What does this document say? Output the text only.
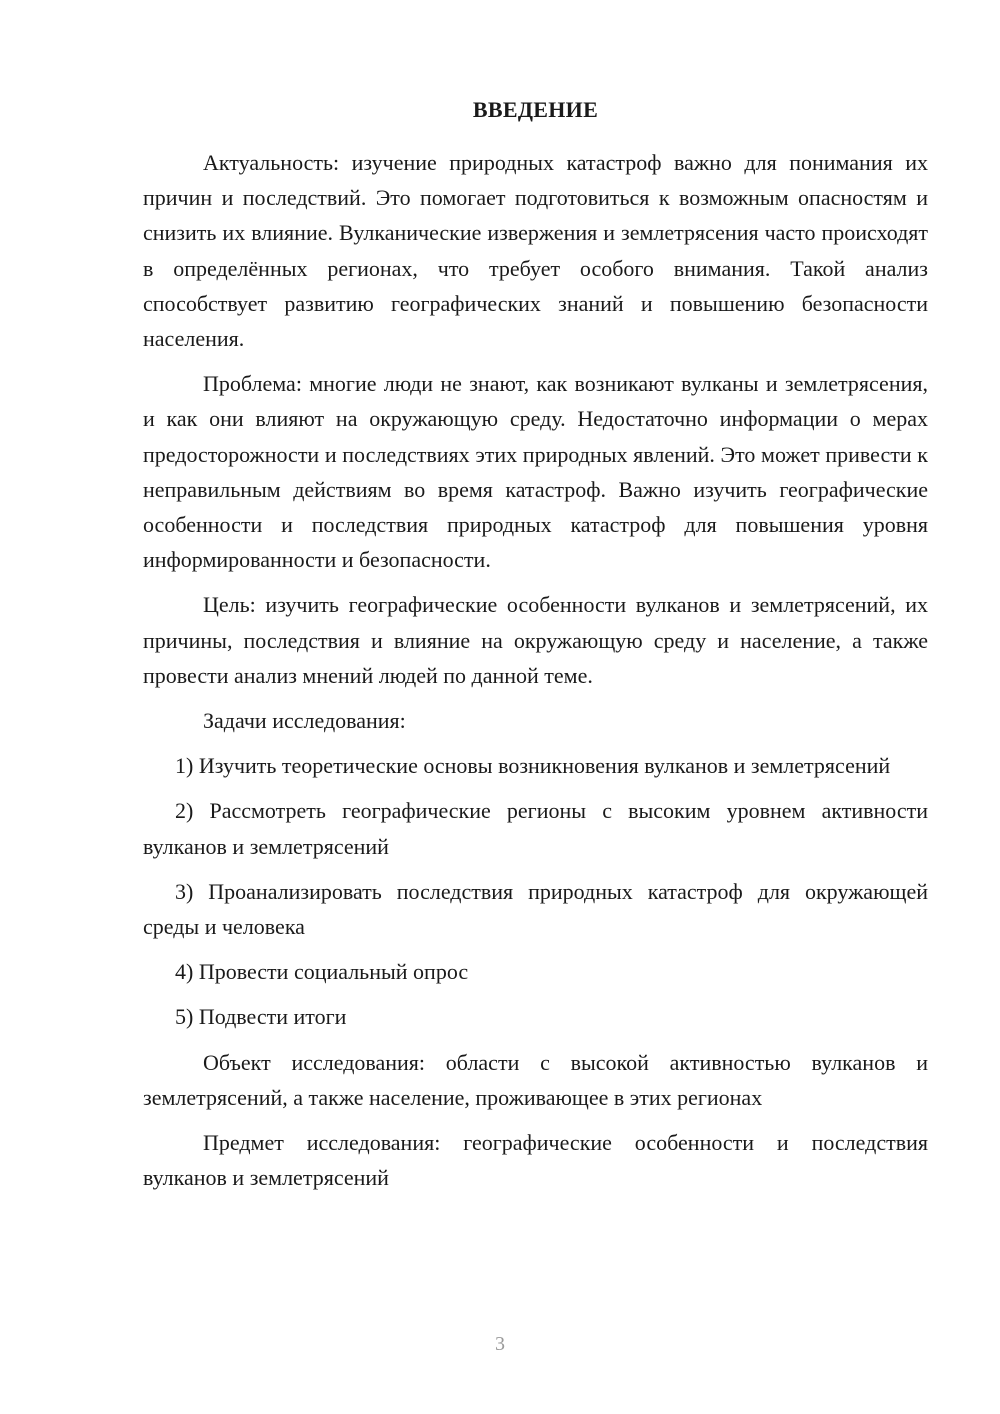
ВВЕДЕНИЕ

Актуальность: изучение природных катастроф важно для понимания их причин и последствий. Это помогает подготовиться к возможным опасностям и снизить их влияние. Вулканические извержения и землетрясения часто происходят в определённых регионах, что требует особого внимания. Такой анализ способствует развитию географических знаний и повышению безопасности населения.

Проблема: многие люди не знают, как возникают вулканы и землетрясения, и как они влияют на окружающую среду. Недостаточно информации о мерах предосторожности и последствиях этих природных явлений. Это может привести к неправильным действиям во время катастроф. Важно изучить географические особенности и последствия природных катастроф для повышения уровня информированности и безопасности.

Цель: изучить географические особенности вулканов и землетрясений, их причины, последствия и влияние на окружающую среду и население, а также провести анализ мнений людей по данной теме.

Задачи исследования:

1) Изучить теоретические основы возникновения вулканов и землетрясений

2) Рассмотреть географические регионы с высоким уровнем активности вулканов и землетрясений

3) Проанализировать последствия природных катастроф для окружающей среды и человека

4) Провести социальный опрос

5) Подвести итоги

Объект исследования: области с высокой активностью вулканов и землетрясений, а также население, проживающее в этих регионах

Предмет исследования: географические особенности и последствия вулканов и землетрясений

3
